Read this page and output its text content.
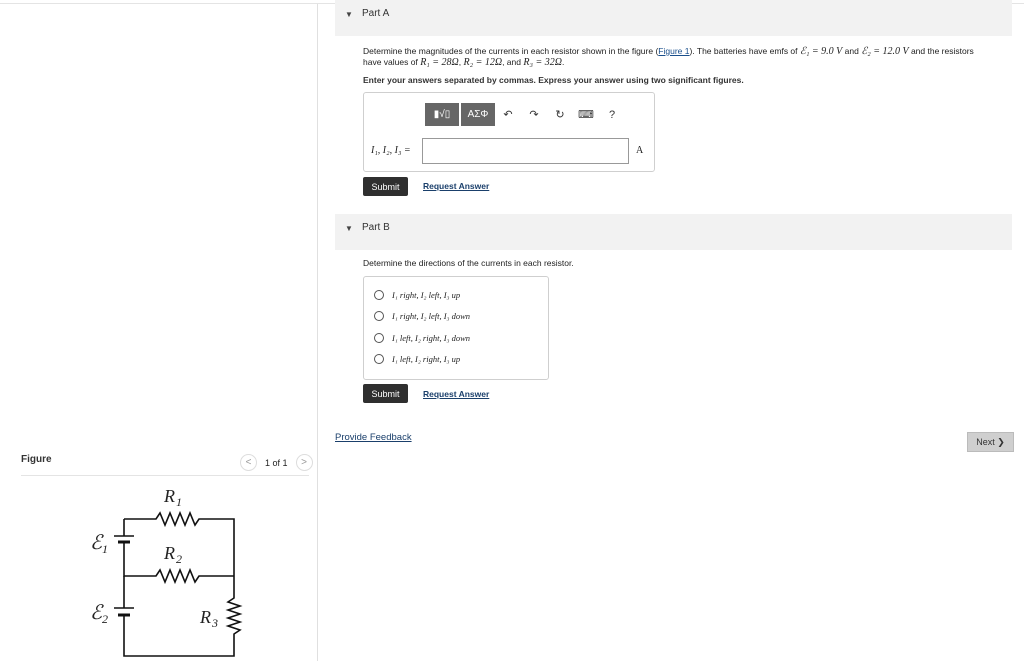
Figure	<	1 of 1	>
R 1
R 2
R 3
ℰ 1
ℰ 2
▼ Part A
Determine the magnitudes of the currents in each resistor shown in the figure (Figure 1). The batteries have emfs of ℰ₁ = 9.0 V and ℰ₂ = 12.0 V and the resistors
have values of R₁ = 28Ω, R₂ = 12Ω, and R₃ = 32Ω.
Enter your answers separated by commas. Express your answer using two significant figures.
▮√▯	ΑΣΦ	↶	↷	↻	⌨	?
I₁, I₂, I₃ =	A
Submit	Request Answer
▼ Part B
Determine the directions of the currents in each resistor.
I₁ right, I₂ left, I₃ up
I₁ right, I₂ left, I₃ down
I₁ left, I₂ right, I₃ down
I₁ left, I₂ right, I₃ up
Submit	Request Answer
Provide Feedback	Next ❯
